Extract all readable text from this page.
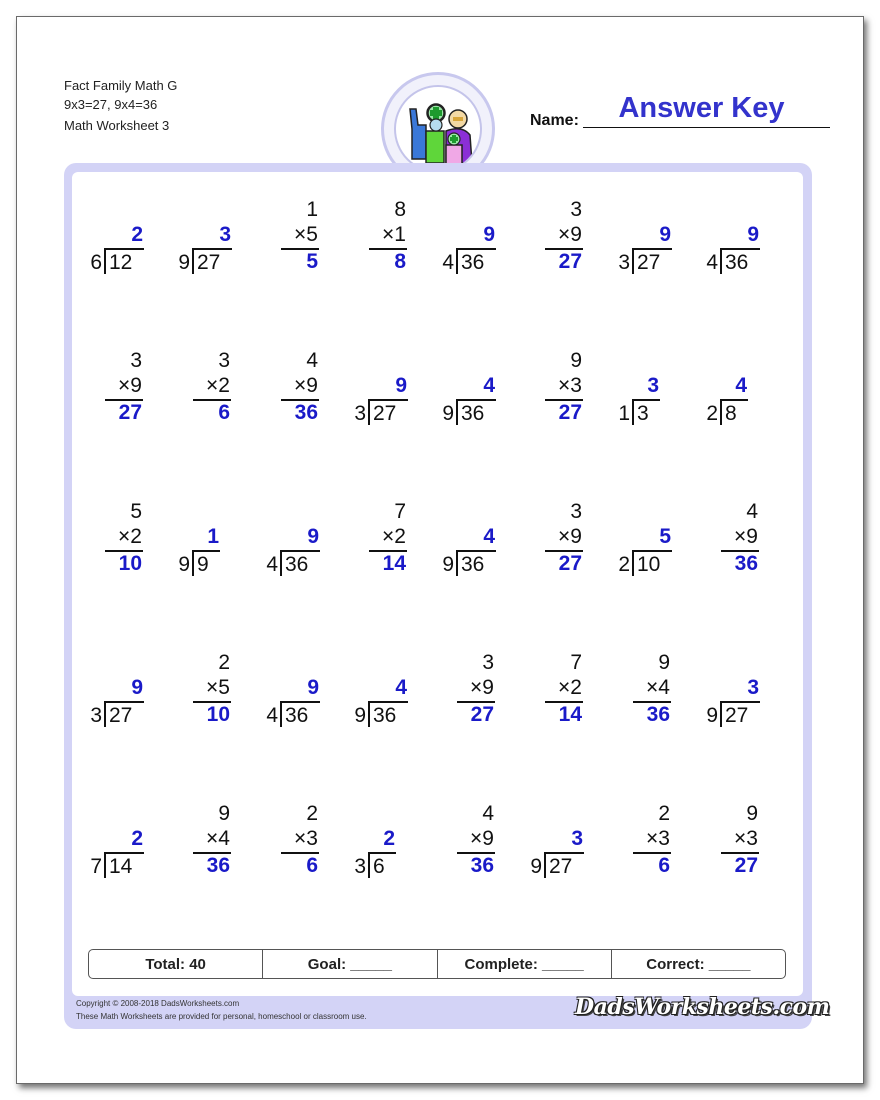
Fact Family Math G
9x3=27, 9x4=36
Math Worksheet 3	Name:	Answer Key
2
6 12
3
9 27
1
×5
5
8
×1
8
9
4 36
3
×9
27
9
3 27
9
4 36
3
×9
27
3
×2
6
4
×9
36
9
3 27
4
9 36
9
×3
27
3
1 3
4
2 8
5
×2
10
1
9 9
9
4 36
7
×2
14
4
9 36
3
×9
27
5
2 10
4
×9
36
9
3 27
2
×5
10
9
4 36
4
9 36
3
×9
27
7
×2
14
9
×4
36
3
9 27
2
7 14
9
×4
36
2
×3
6
2
3 6
4
×9
36
3
9 27
2
×3
6
9
×3
27
Total: 40	Goal: _____	Complete: _____	Correct: _____
Copyright © 2008-2018 DadsWorksheets.com
These Math Worksheets are provided for personal, homeschool or classroom use.	DadsWorksheets.com
